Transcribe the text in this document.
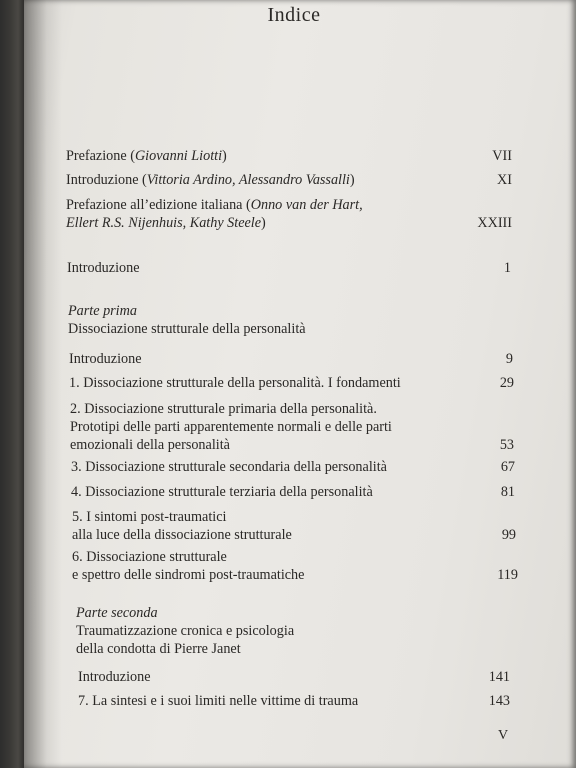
Indice
Prefazione (Giovanni Liotti)	VII
Introduzione (Vittoria Ardino, Alessandro Vassalli)	XI
Prefazione all’edizione italiana (Onno van der Hart,
Ellert R.S. Nijenhuis, Kathy Steele)	XXIII
Introduzione	1
Parte prima
Dissociazione strutturale della personalità
Introduzione	9
1. Dissociazione strutturale della personalità. I fondamenti	29
2. Dissociazione strutturale primaria della personalità.
Prototipi delle parti apparentemente normali e delle parti
emozionali della personalità	53
3. Dissociazione strutturale secondaria della personalità	67
4. Dissociazione strutturale terziaria della personalità	81
5. I sintomi post-traumatici
alla luce della dissociazione strutturale	99
6. Dissociazione strutturale
e spettro delle sindromi post-traumatiche	119
Parte seconda
Traumatizzazione cronica e psicologia
della condotta di Pierre Janet
Introduzione	141
7. La sintesi e i suoi limiti nelle vittime di trauma	143
V
